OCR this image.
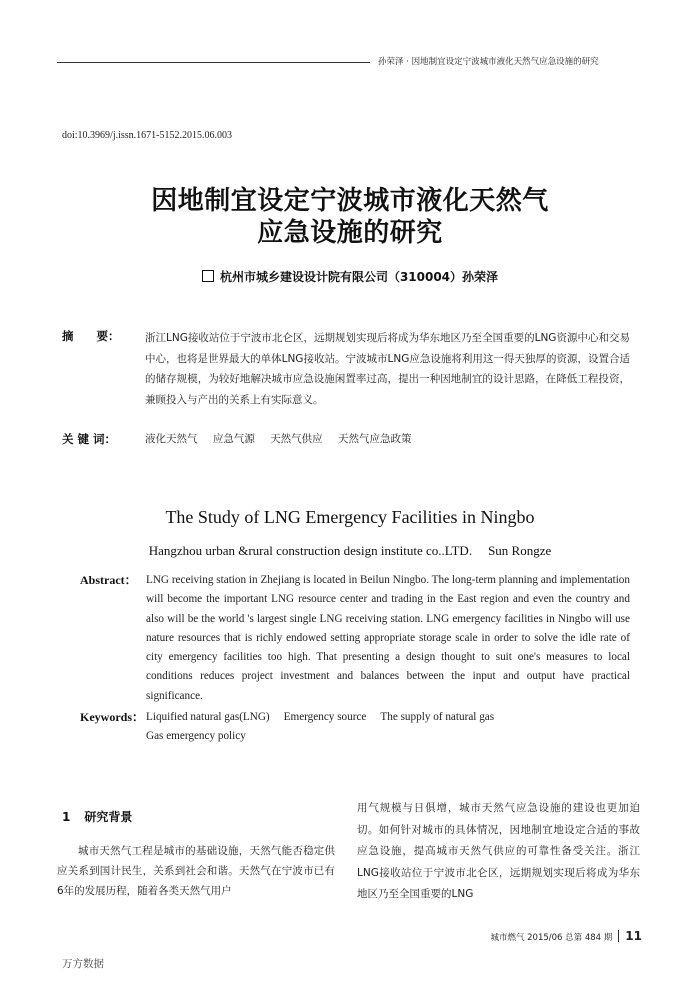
孙荣泽 · 因地制宜设定宁波城市液化天然气应急设施的研究
doi:10.3969/j.issn.1671-5152.2015.06.003
因地制宜设定宁波城市液化天然气
应急设施的研究
杭州市城乡建设设计院有限公司（310004）孙荣泽
摘　　要： 浙江LNG接收站位于宁波市北仑区，远期规划实现后将成为华东地区乃至全国重要的LNG资源中心和交易中心，也将是世界最大的单体LNG接收站。宁波城市LNG应急设施将利用这一得天独厚的资源，设置合适的储存规模，为较好地解决城市应急设施闲置率过高，提出一种因地制宜的设计思路，在降低工程投资，兼顾投入与产出的关系上有实际意义。
关 键 词：	液化天然气 应急气源 天然气供应 天然气应急政策
The Study of LNG Emergency Facilities in Ningbo
Hangzhou urban &rural construction design institute co..LTD. Sun Rongze
Abstract： LNG receiving station in Zhejiang is located in Beilun Ningbo. The long-term planning and implementation will become the important LNG resource center and trading in the East region and even the country and also will be the world 's largest single LNG receiving station. LNG emergency facilities in Ningbo will use nature resources that is richly endowed setting appropriate storage scale in order to solve the idle rate of city emergency facilities too high. That presenting a design thought to suit one's measures to local conditions reduces project investment and balances between the input and output have practical significance.
Keywords： Liquified natural gas(LNG) Emergency source The supply of natural gas
Gas emergency policy
1 研究背景
城市天然气工程是城市的基础设施，天然气能否稳定供应关系到国计民生，关系到社会和谐。天然气在宁波市已有6年的发展历程，随着各类天然气用户
用气规模与日俱增，城市天然气应急设施的建设也更加迫切。如何针对城市的具体情况，因地制宜地设定合适的事故应急设施，提高城市天然气供应的可靠性备受关注。浙江LNG接收站位于宁波市北仑区，远期规划实现后将成为华东地区乃至全国重要的LNG
城市燃气 2015/06 总第 484 期 11
万方数据
